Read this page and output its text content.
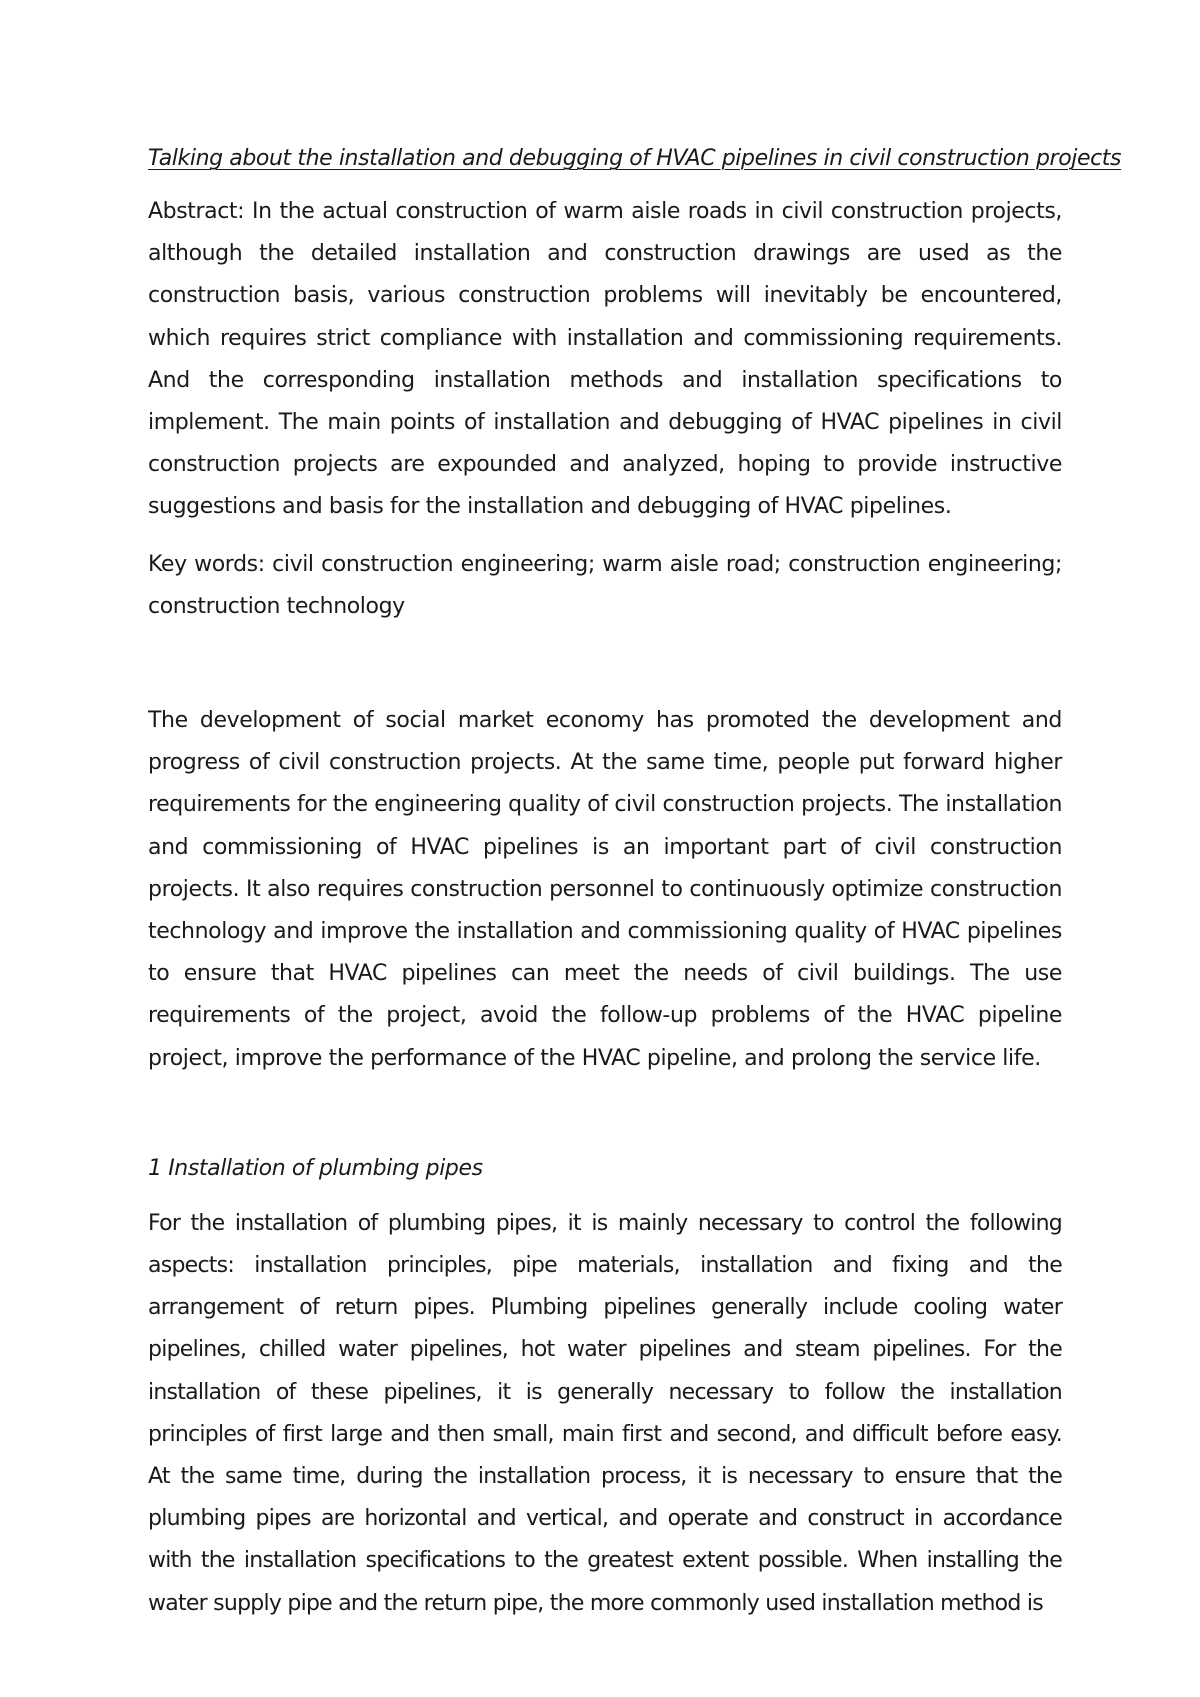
Talking about the installation and debugging of HVAC pipelines in civil construction projects

Abstract: In the actual construction of warm aisle roads in civil construction projects, although the detailed installation and construction drawings are used as the construction basis, various construction problems will inevitably be encountered, which requires strict compliance with installation and commissioning requirements. And the corresponding installation methods and installation specifications to implement. The main points of installation and debugging of HVAC pipelines in civil construction projects are expounded and analyzed, hoping to provide instructive suggestions and basis for the installation and debugging of HVAC pipelines.

Key words: civil construction engineering; warm aisle road; construction engineering; construction technology

The development of social market economy has promoted the development and progress of civil construction projects. At the same time, people put forward higher requirements for the engineering quality of civil construction projects. The installation and commissioning of HVAC pipelines is an important part of civil construction projects. It also requires construction personnel to continuously optimize construction technology and improve the installation and commissioning quality of HVAC pipelines to ensure that HVAC pipelines can meet the needs of civil buildings. The use requirements of the project, avoid the follow-up problems of the HVAC pipeline project, improve the performance of the HVAC pipeline, and prolong the service life.

1 Installation of plumbing pipes

For the installation of plumbing pipes, it is mainly necessary to control the following aspects: installation principles, pipe materials, installation and fixing and the arrangement of return pipes. Plumbing pipelines generally include cooling water pipelines, chilled water pipelines, hot water pipelines and steam pipelines. For the installation of these pipelines, it is generally necessary to follow the installation principles of first large and then small, main first and second, and difficult before easy. At the same time, during the installation process, it is necessary to ensure that the plumbing pipes are horizontal and vertical, and operate and construct in accordance with the installation specifications to the greatest extent possible. When installing the water supply pipe and the return pipe, the more commonly used installation method is
